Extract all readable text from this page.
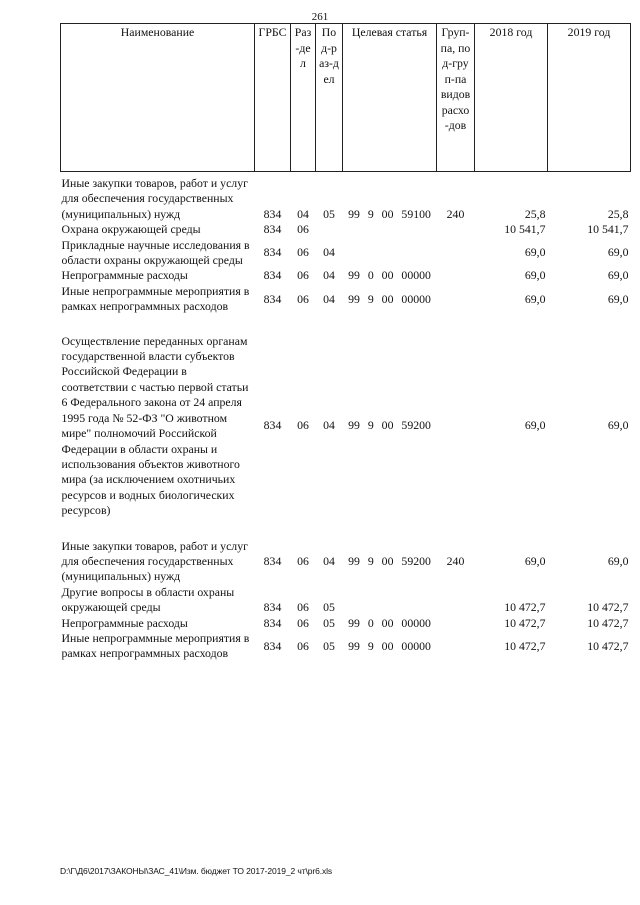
261
Наименование	ГРБС	Раз-дел	Под-раз-дел	Целевая статья	Груп-па, под-груп-па видов расхо-дов	2018 год	2019 год
Иные закупки товаров, работ и услуг для обеспечения государственных (муниципальных) нужд	834	04	05	99 9 00 59100	240	25,8	25,8
Охрана окружающей среды	834	06				10 541,7	10 541,7
Прикладные научные исследования в области охраны окружающей среды	834	06	04			69,0	69,0
Непрограммные расходы	834	06	04	99 0 00 00000		69,0	69,0
Иные непрограммные мероприятия в рамках непрограммных расходов	834	06	04	99 9 00 00000		69,0	69,0
Осуществление переданных органам государственной власти субъектов Российской Федерации в соответствии с частью первой статьи 6 Федерального закона от 24 апреля 1995 года № 52-ФЗ "О животном мире" полномочий Российской Федерации в области охраны и использования объектов животного мира (за исключением охотничьих ресурсов и водных биологических ресурсов)	834	06	04	99 9 00 59200		69,0	69,0
Иные закупки товаров, работ и услуг для обеспечения государственных (муниципальных) нужд	834	06	04	99 9 00 59200	240	69,0	69,0
Другие вопросы в области охраны окружающей среды	834	06	05			10 472,7	10 472,7
Непрограммные расходы	834	06	05	99 0 00 00000		10 472,7	10 472,7
Иные непрограммные мероприятия в рамках непрограммных расходов	834	06	05	99 9 00 00000		10 472,7	10 472,7
D:\Г\Д6\2017\ЗАКОНЫ\ЗАС_41\Изм. бюджет ТО 2017-2019_2 чт\pr6.xls
